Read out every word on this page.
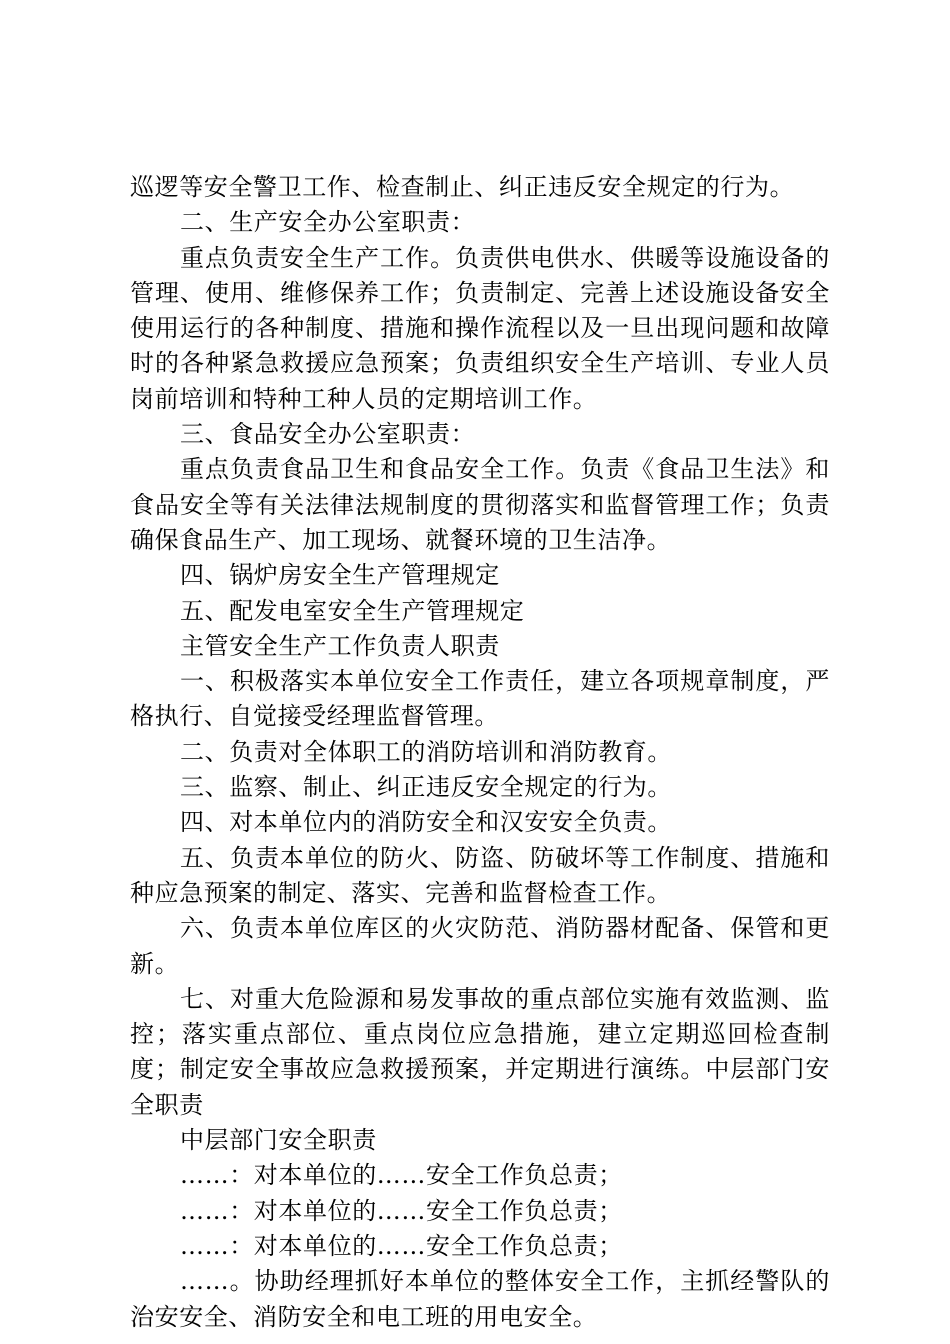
巡逻等安全警卫工作、检查制止、纠正违反安全规定的行为。

二、生产安全办公室职责：

重点负责安全生产工作。负责供电供水、供暖等设施设备的管理、使用、维修保养工作；负责制定、完善上述设施设备安全使用运行的各种制度、措施和操作流程以及一旦出现问题和故障时的各种紧急救援应急预案；负责组织安全生产培训、专业人员岗前培训和特种工种人员的定期培训工作。

三、食品安全办公室职责：

重点负责食品卫生和食品安全工作。负责《食品卫生法》和食品安全等有关法律法规制度的贯彻落实和监督管理工作；负责确保食品生产、加工现场、就餐环境的卫生洁净。

四、锅炉房安全生产管理规定

五、配发电室安全生产管理规定

主管安全生产工作负责人职责

一、积极落实本单位安全工作责任，建立各项规章制度，严格执行、自觉接受经理监督管理。

二、负责对全体职工的消防培训和消防教育。

三、监察、制止、纠正违反安全规定的行为。

四、对本单位内的消防安全和汉安安全负责。

五、负责本单位的防火、防盗、防破坏等工作制度、措施和种应急预案的制定、落实、完善和监督检查工作。

六、负责本单位库区的火灾防范、消防器材配备、保管和更新。

七、对重大危险源和易发事故的重点部位实施有效监测、监控；落实重点部位、重点岗位应急措施，建立定期巡回检查制度；制定安全事故应急救援预案，并定期进行演练。中层部门安全职责

中层部门安全职责

……：对本单位的……安全工作负总责；

……：对本单位的……安全工作负总责；

……：对本单位的……安全工作负总责；

……。协助经理抓好本单位的整体安全工作，主抓经警队的治安安全、消防安全和电工班的用电安全。
